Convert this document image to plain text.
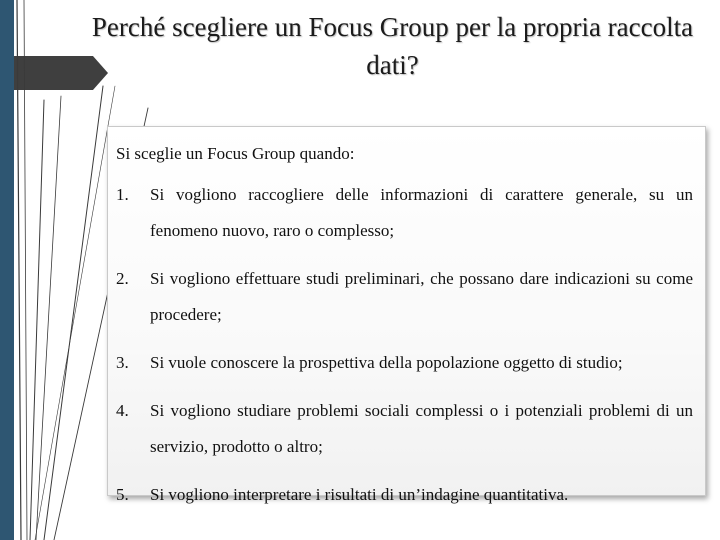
Perché scegliere un Focus Group per la propria raccolta dati?

Si sceglie un Focus Group quando:

1.	Si vogliono raccogliere delle informazioni di carattere generale, su un fenomeno nuovo, raro o complesso;
2.	Si vogliono effettuare studi preliminari, che possano dare indicazioni su come procedere;
3.	Si vuole conoscere la prospettiva della popolazione oggetto di studio;
4.	Si vogliono studiare problemi sociali complessi o i potenziali problemi di un servizio, prodotto o altro;
5.	Si vogliono interpretare i risultati di un’indagine quantitativa.
